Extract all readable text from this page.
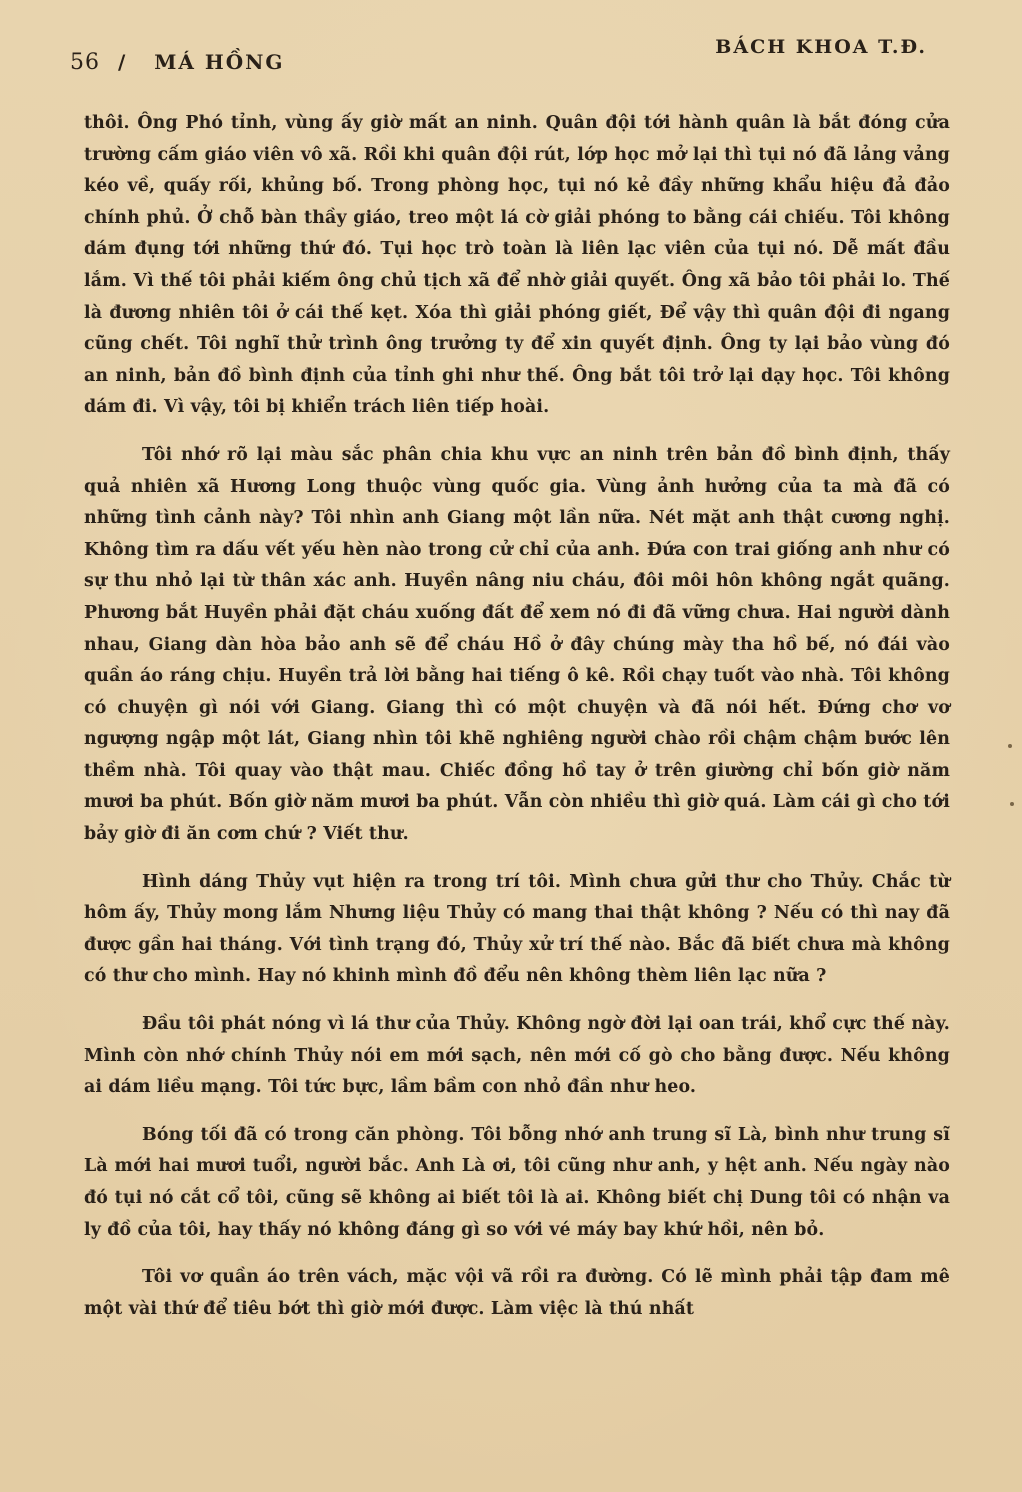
56 / MÁ HỒNG
BÁCH KHOA T.Đ.

thôi. Ông Phó tỉnh, vùng ấy giờ mất an ninh. Quân đội tới hành quân là bắt đóng cửa trường cấm giáo viên vô xã. Rồi khi quân đội rút, lớp học mở lại thì tụi nó đã lảng vảng kéo về, quấy rối, khủng bố. Trong phòng học, tụi nó kẻ đầy những khẩu hiệu đả đảo chính phủ. Ở chỗ bàn thầy giáo, treo một lá cờ giải phóng to bằng cái chiếu. Tôi không dám đụng tới những thứ đó. Tụi học trò toàn là liên lạc viên của tụi nó. Dễ mất đầu lắm. Vì thế tôi phải kiếm ông chủ tịch xã để nhờ giải quyết. Ông xã bảo tôi phải lo. Thế là đương nhiên tôi ở cái thế kẹt. Xóa thì giải phóng giết, Để vậy thì quân đội đi ngang cũng chết. Tôi nghĩ thử trình ông trưởng ty để xin quyết định. Ông ty lại bảo vùng đó an ninh, bản đồ bình định của tỉnh ghi như thế. Ông bắt tôi trở lại dạy học. Tôi không dám đi. Vì vậy, tôi bị khiển trách liên tiếp hoài.

Tôi nhớ rõ lại màu sắc phân chia khu vực an ninh trên bản đồ bình định, thấy quả nhiên xã Hương Long thuộc vùng quốc gia. Vùng ảnh hưởng của ta mà đã có những tình cảnh này? Tôi nhìn anh Giang một lần nữa. Nét mặt anh thật cương nghị. Không tìm ra dấu vết yếu hèn nào trong cử chỉ của anh. Đứa con trai giống anh như có sự thu nhỏ lại từ thân xác anh. Huyền nâng niu cháu, đôi môi hôn không ngắt quãng. Phương bắt Huyền phải đặt cháu xuống đất để xem nó đi đã vững chưa. Hai người dành nhau, Giang dàn hòa bảo anh sẽ để cháu Hồ ở đây chúng mày tha hồ bế, nó đái vào quần áo ráng chịu. Huyền trả lời bằng hai tiếng ô kê. Rồi chạy tuốt vào nhà. Tôi không có chuyện gì nói với Giang. Giang thì có một chuyện và đã nói hết. Đứng chơ vơ ngượng ngập một lát, Giang nhìn tôi khẽ nghiêng người chào rồi chậm chậm bước lên thềm nhà. Tôi quay vào thật mau. Chiếc đồng hồ tay ở trên giường chỉ bốn giờ năm mươi ba phút. Bốn giờ năm mươi ba phút. Vẫn còn nhiều thì giờ quá. Làm cái gì cho tới bảy giờ đi ăn cơm chứ ? Viết thư.

Hình dáng Thủy vụt hiện ra trong trí tôi. Mình chưa gửi thư cho Thủy. Chắc từ hôm ấy, Thủy mong lắm Nhưng liệu Thủy có mang thai thật không ? Nếu có thì nay đã được gần hai tháng. Với tình trạng đó, Thủy xử trí thế nào. Bắc đã biết chưa mà không có thư cho mình. Hay nó khinh mình đồ đểu nên không thèm liên lạc nữa ?

Đầu tôi phát nóng vì lá thư của Thủy. Không ngờ đời lại oan trái, khổ cực thế này. Mình còn nhớ chính Thủy nói em mới sạch, nên mới cố gò cho bằng được. Nếu không ai dám liều mạng. Tôi tức bực, lầm bầm con nhỏ đần như heo.

Bóng tối đã có trong căn phòng. Tôi bỗng nhớ anh trung sĩ Là, bình như trung sĩ Là mới hai mươi tuổi, người bắc. Anh Là ơi, tôi cũng như anh, y hệt anh. Nếu ngày nào đó tụi nó cắt cổ tôi, cũng sẽ không ai biết tôi là ai. Không biết chị Dung tôi có nhận va ly đồ của tôi, hay thấy nó không đáng gì so với vé máy bay khứ hồi, nên bỏ.

Tôi vơ quần áo trên vách, mặc vội vã rồi ra đường. Có lẽ mình phải tập đam mê một vài thứ để tiêu bớt thì giờ mới được. Làm việc là thú nhất
